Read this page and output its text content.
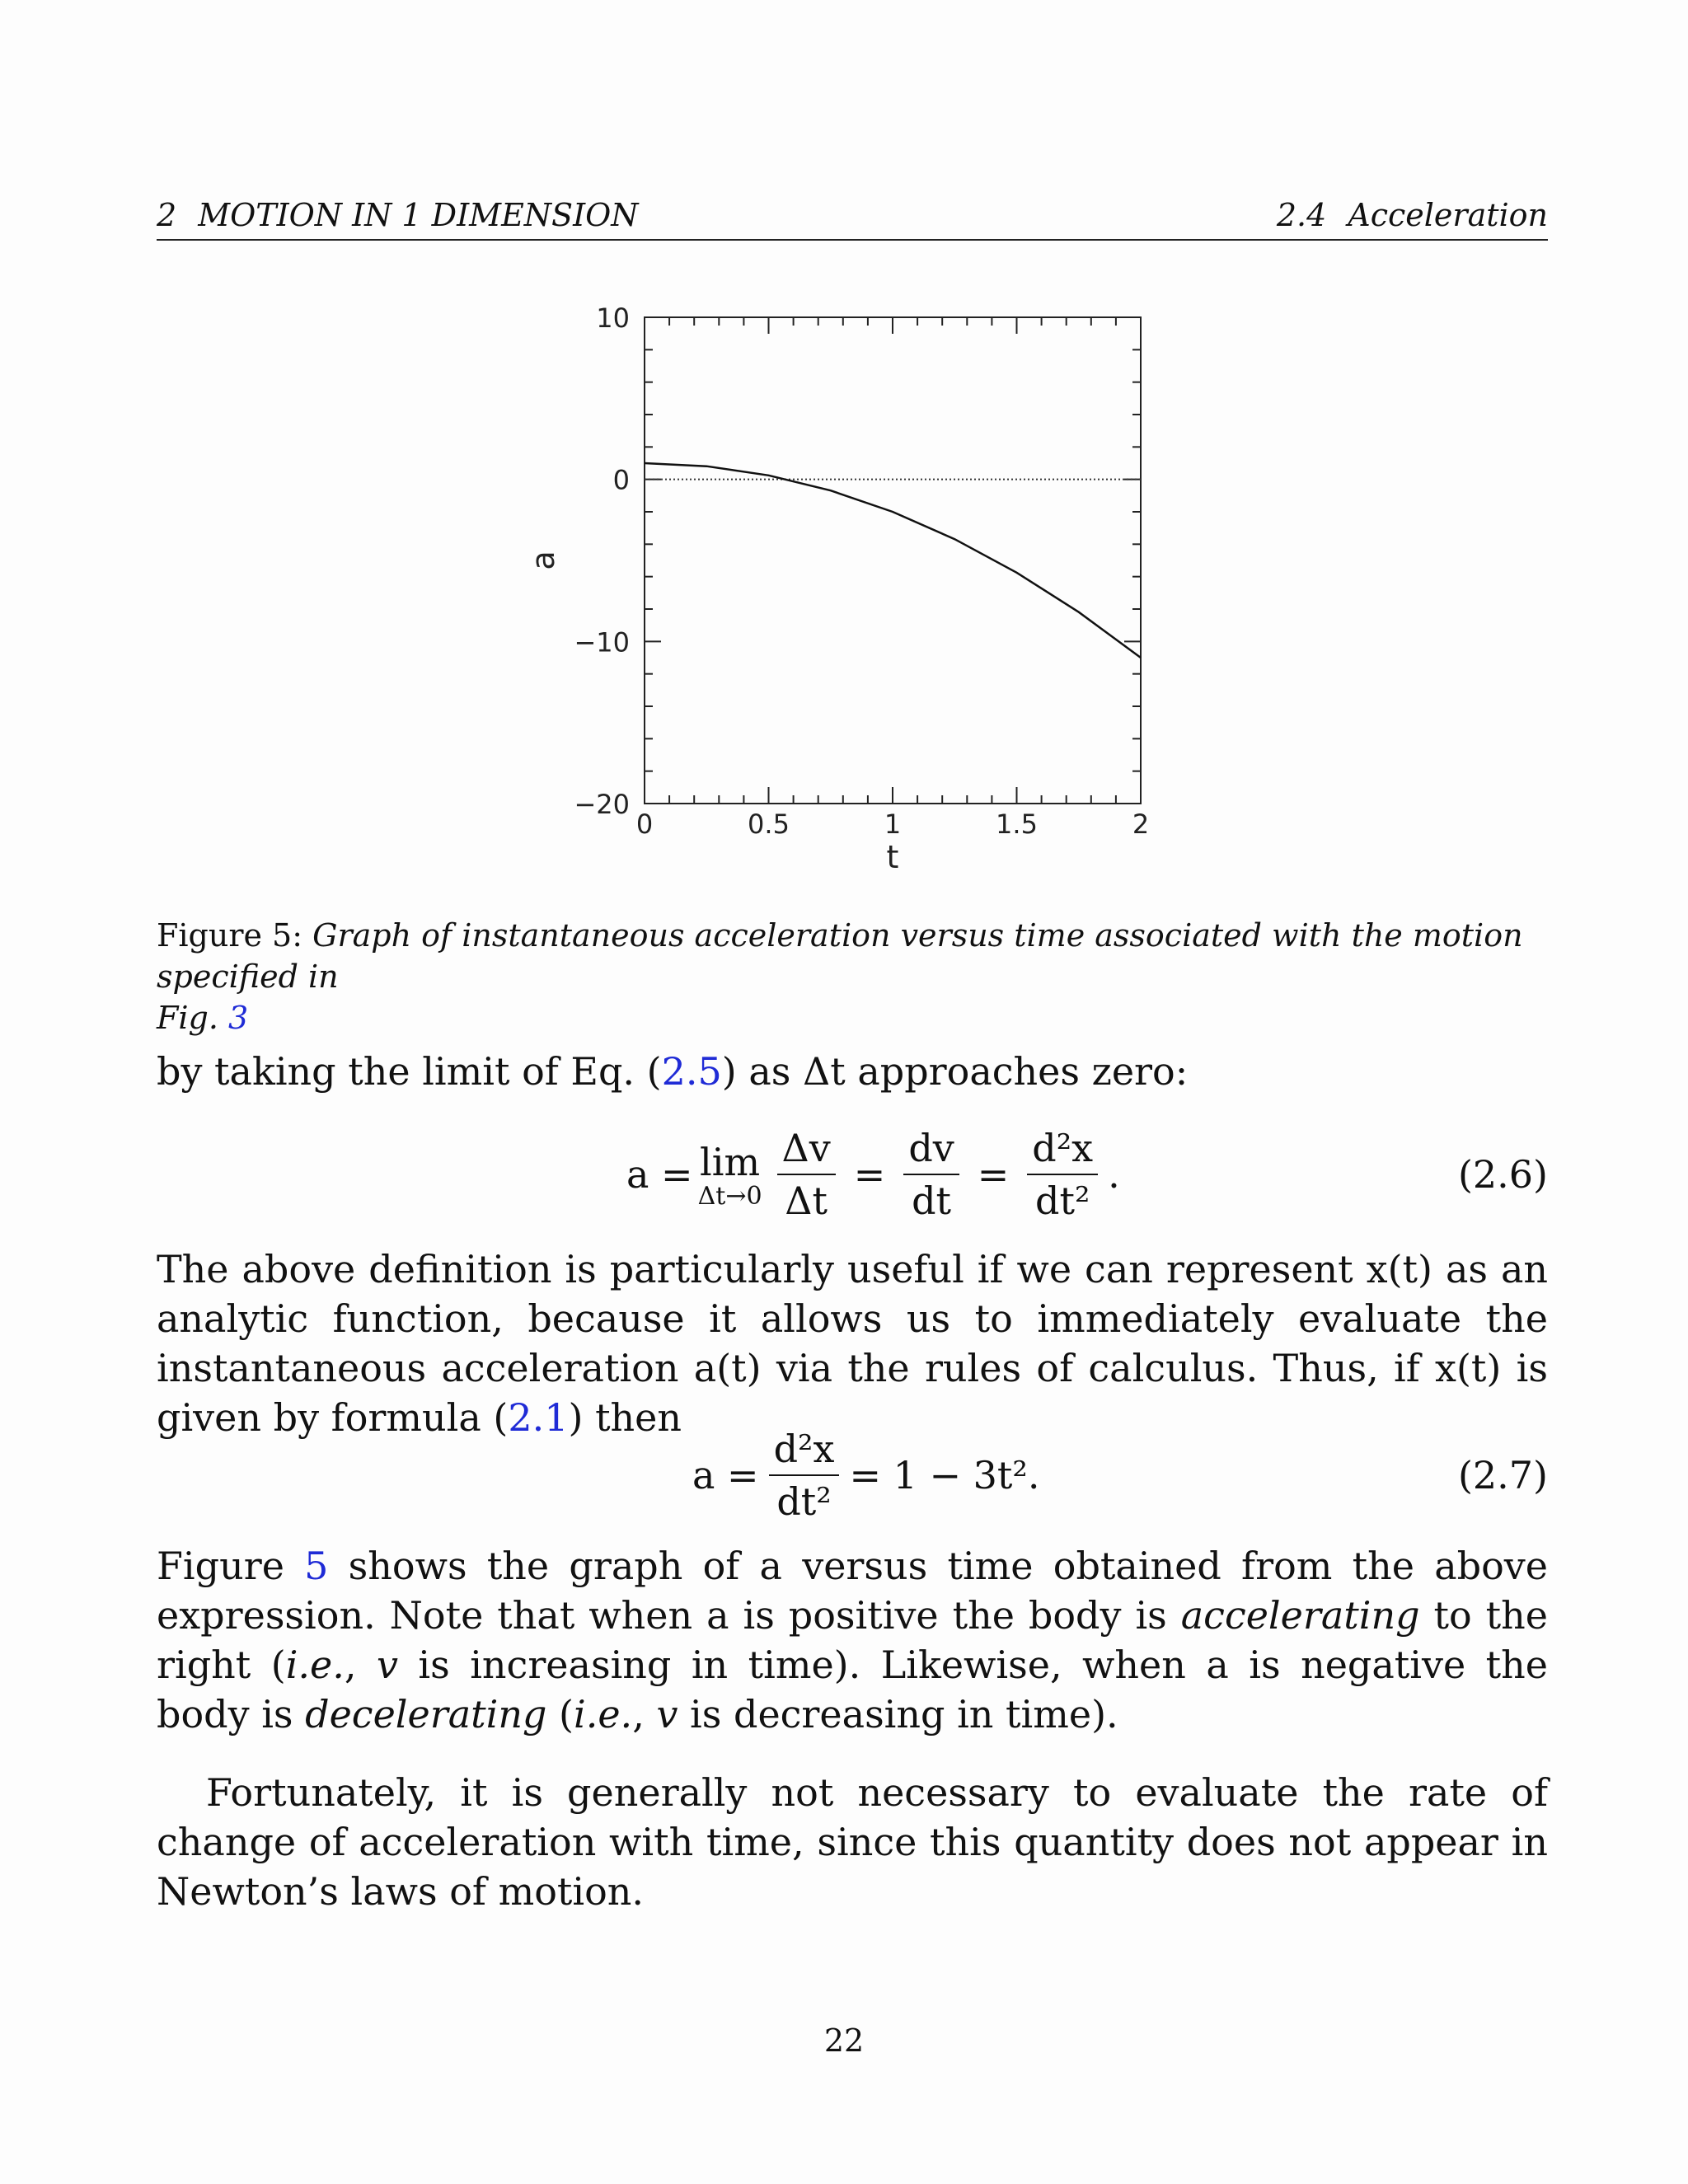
2 MOTION IN 1 DIMENSION	2.4 Acceleration
0	0.5	1	1.5	2
10
0
−10
−20
t
a
Figure 5: Graph of instantaneous acceleration versus time associated with the motion specified in
Fig. 3
by taking the limit of Eq. (2.5) as Δt approaches zero:
a = lim
$\Delta t\to 0 \frac{\Delta v}{\Delta t} = \frac{dv}{dt} = \frac{\text{d²x}}{\text{dt²}}$ .	(2.6)
The above definition is particularly useful if we can represent x(t) as an analytic function, because it allows us to immediately evaluate the instantaneous acceleration a(t) via the rules of calculus. Thus, if x(t) is given by formula (2.1) then
$a = \frac{\text{d²x}}{\text{dt²}} = 1 - 3t^2$.	(2.7)
Figure 5 shows the graph of a versus time obtained from the above expression. Note that when a is positive the body is accelerating to the right (i.e., v is increasing in time). Likewise, when a is negative the body is decelerating (i.e., v is decreasing in time).
Fortunately, it is generally not necessary to evaluate the rate of change of acceleration with time, since this quantity does not appear in Newton’s laws of motion.
22
